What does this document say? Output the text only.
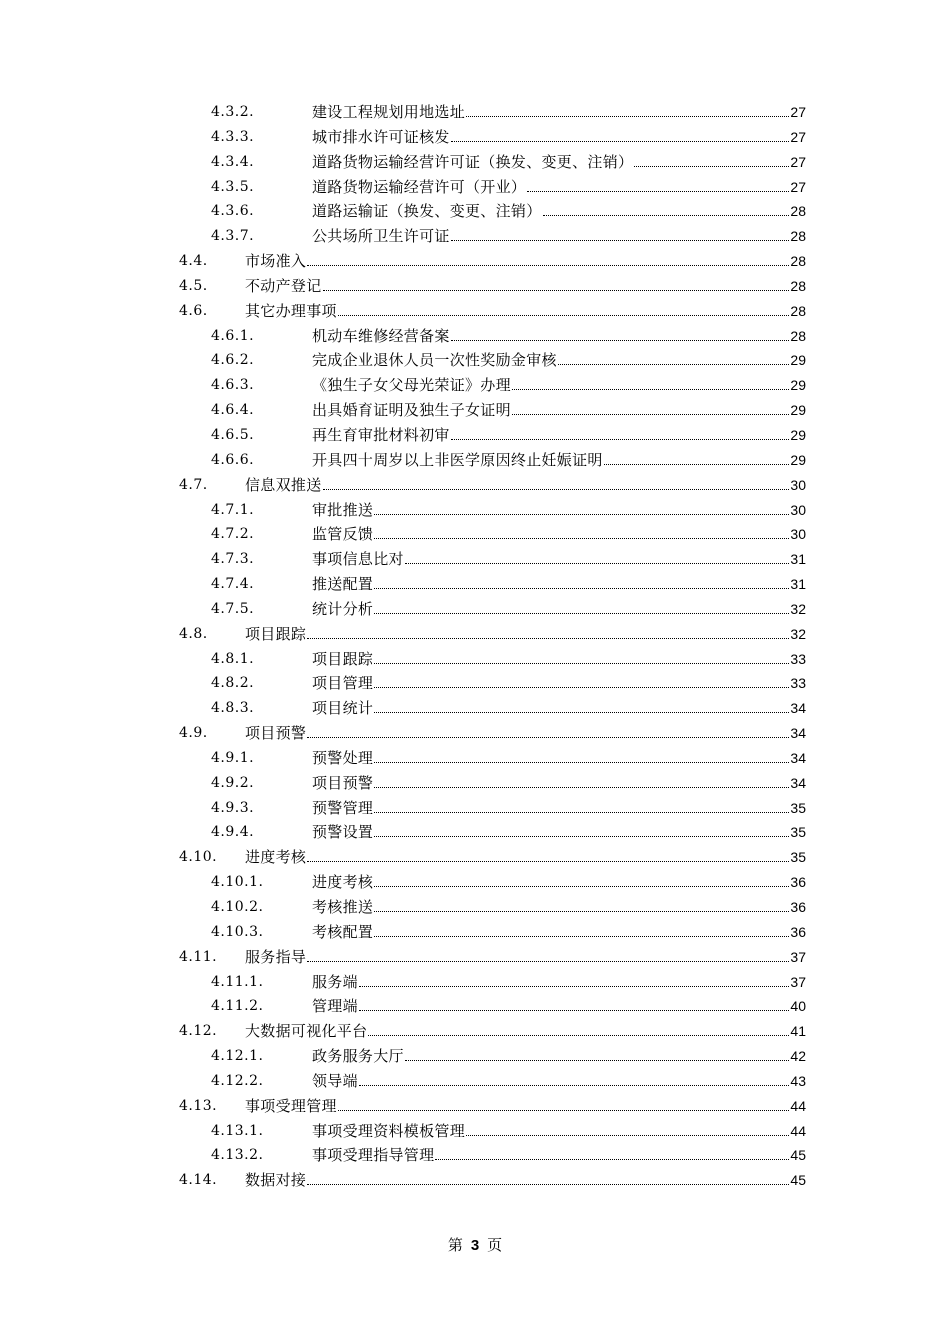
4.3.2.	建设工程规划用地选址	27
4.3.3.	城市排水许可证核发	27
4.3.4.	道路货物运输经营许可证（换发、变更、注销）	27
4.3.5.	道路货物运输经营许可（开业）	27
4.3.6.	道路运输证（换发、变更、注销）	28
4.3.7.	公共场所卫生许可证	28
4.4. 市场准入	28
4.5. 不动产登记	28
4.6. 其它办理事项	28
4.6.1.	机动车维修经营备案	28
4.6.2.	完成企业退休人员一次性奖励金审核	29
4.6.3.	《独生子女父母光荣证》办理	29
4.6.4.	出具婚育证明及独生子女证明	29
4.6.5.	再生育审批材料初审	29
4.6.6.	开具四十周岁以上非医学原因终止妊娠证明	29
4.7. 信息双推送	30
4.7.1.	审批推送	30
4.7.2.	监管反馈	30
4.7.3.	事项信息比对	31
4.7.4.	推送配置	31
4.7.5.	统计分析	32
4.8. 项目跟踪	32
4.8.1.	项目跟踪	33
4.8.2.	项目管理	33
4.8.3.	项目统计	34
4.9. 项目预警	34
4.9.1.	预警处理	34
4.9.2.	项目预警	34
4.9.3.	预警管理	35
4.9.4.	预警设置	35
4.10. 进度考核	35
4.10.1.	进度考核	36
4.10.2.	考核推送	36
4.10.3.	考核配置	36
4.11. 服务指导	37
4.11.1.	服务端	37
4.11.2.	管理端	40
4.12. 大数据可视化平台	41
4.12.1.	政务服务大厅	42
4.12.2.	领导端	43
4.13. 事项受理管理	44
4.13.1.	事项受理资料模板管理	44
4.13.2.	事项受理指导管理	45
4.14. 数据对接	45
第 3 页
